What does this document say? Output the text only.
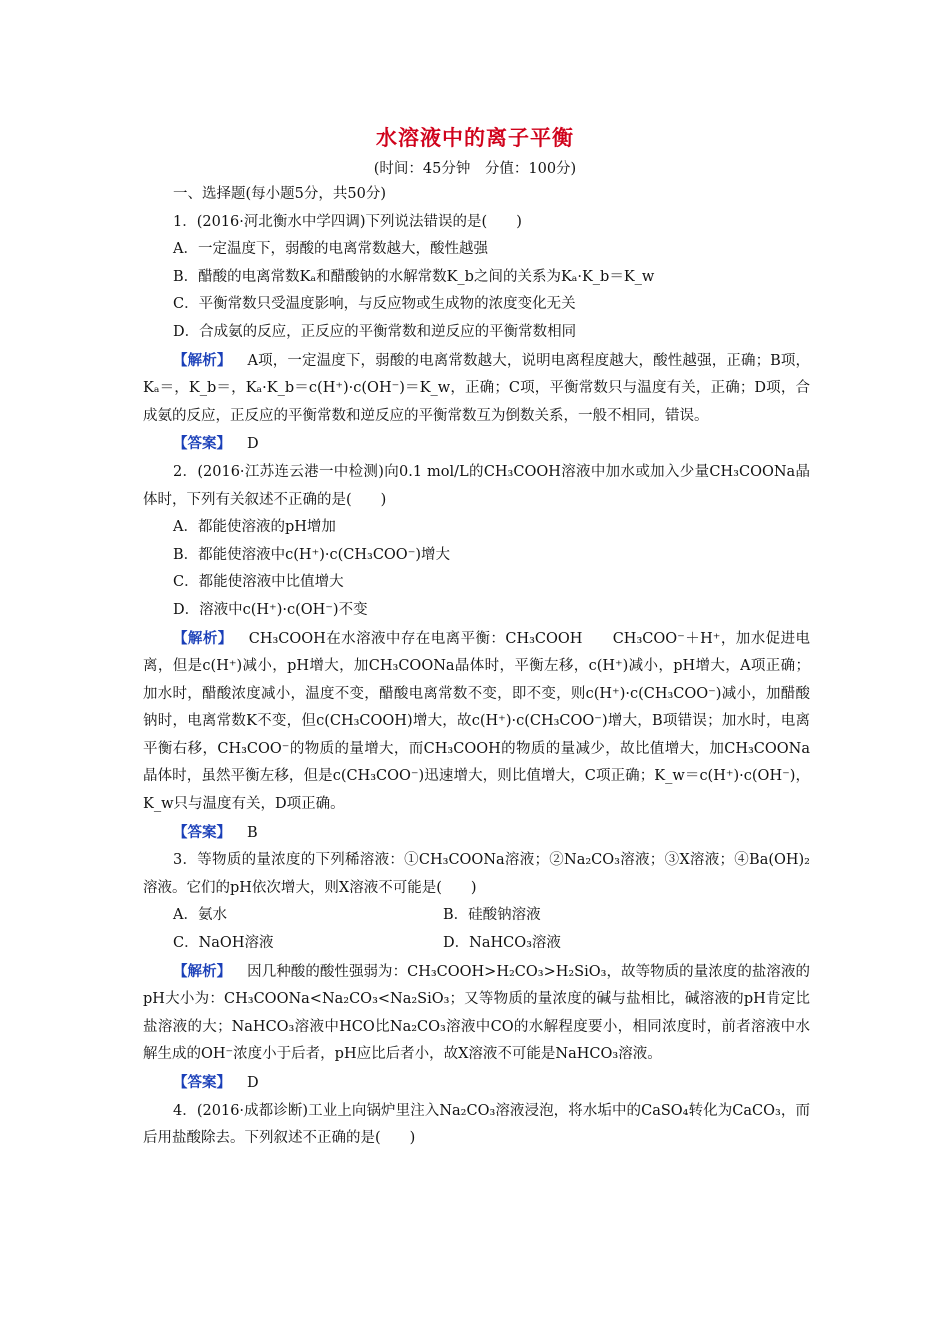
水溶液中的离子平衡
(时间：45分钟　分值：100分)

一、选择题(每小题5分，共50分)

1．(2016·河北衡水中学四调)下列说法错误的是(　　)

A．一定温度下，弱酸的电离常数越大，酸性越强

B．醋酸的电离常数Kₐ和醋酸钠的水解常数K_b之间的关系为Kₐ·K_b＝K_w

C．平衡常数只受温度影响，与反应物或生成物的浓度变化无关

D．合成氨的反应，正反应的平衡常数和逆反应的平衡常数相同

【解析】 A项，一定温度下，弱酸的电离常数越大，说明电离程度越大，酸性越强，正确；B项，Kₐ＝，K_b＝，Kₐ·K_b＝c(H⁺)·c(OH⁻)＝K_w，正确；C项，平衡常数只与温度有关，正确；D项，合成氨的反应，正反应的平衡常数和逆反应的平衡常数互为倒数关系，一般不相同，错误。

【答案】 D

2．(2016·江苏连云港一中检测)向0.1 mol/L的CH₃COOH溶液中加水或加入少量CH₃COONa晶体时，下列有关叙述不正确的是(　　)

A．都能使溶液的pH增加

B．都能使溶液中c(H⁺)·c(CH₃COO⁻)增大

C．都能使溶液中比值增大

D．溶液中c(H⁺)·c(OH⁻)不变

【解析】 CH₃COOH在水溶液中存在电离平衡：CH₃COOH　　CH₃COO⁻＋H⁺，加水促进电离，但是c(H⁺)减小，pH增大，加CH₃COONa晶体时，平衡左移，c(H⁺)减小，pH增大，A项正确；加水时，醋酸浓度减小，温度不变，醋酸电离常数不变，即不变，则c(H⁺)·c(CH₃COO⁻)减小，加醋酸钠时，电离常数K不变，但c(CH₃COOH)增大，故c(H⁺)·c(CH₃COO⁻)增大，B项错误；加水时，电离平衡右移，CH₃COO⁻的物质的量增大，而CH₃COOH的物质的量减少，故比值增大，加CH₃COONa晶体时，虽然平衡左移，但是c(CH₃COO⁻)迅速增大，则比值增大，C项正确；K_w＝c(H⁺)·c(OH⁻)，K_w只与温度有关，D项正确。

【答案】 B

3．等物质的量浓度的下列稀溶液：①CH₃COONa溶液；②Na₂CO₃溶液；③X溶液；④Ba(OH)₂溶液。它们的pH依次增大，则X溶液不可能是(　　)

A．氨水	B．硅酸钠溶液
C．NaOH溶液	D．NaHCO₃溶液

【解析】 因几种酸的酸性强弱为：CH₃COOH>H₂CO₃>H₂SiO₃，故等物质的量浓度的盐溶液的pH大小为：CH₃COONa<Na₂CO₃<Na₂SiO₃；又等物质的量浓度的碱与盐相比，碱溶液的pH肯定比盐溶液的大；NaHCO₃溶液中HCO比Na₂CO₃溶液中CO的水解程度要小，相同浓度时，前者溶液中水解生成的OH⁻浓度小于后者，pH应比后者小，故X溶液不可能是NaHCO₃溶液。

【答案】 D

4．(2016·成都诊断)工业上向锅炉里注入Na₂CO₃溶液浸泡，将水垢中的CaSO₄转化为CaCO₃，而后用盐酸除去。下列叙述不正确的是(　　)
